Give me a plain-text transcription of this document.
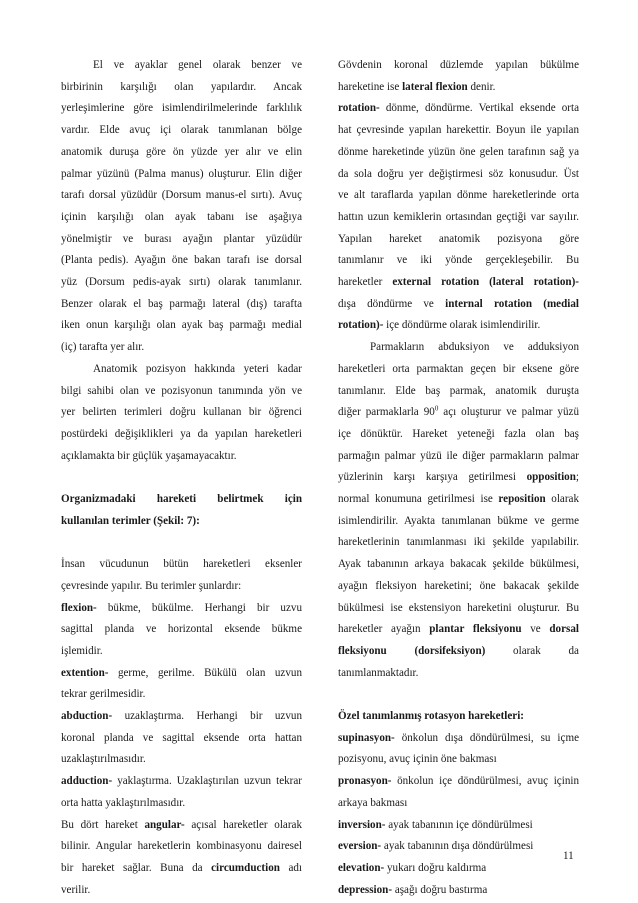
El ve ayaklar genel olarak benzer ve

birbirinin karşılığı olan yapılardır. Ancak

yerleşimlerine göre isimlendirilmelerinde farklılık

vardır. Elde avuç içi olarak tanımlanan bölge

anatomik duruşa göre ön yüzde yer alır ve elin

palmar yüzünü (Palma manus) oluşturur. Elin diğer

tarafı dorsal yüzüdür (Dorsum manus-el sırtı). Avuç

içinin karşılığı olan ayak tabanı ise aşağıya

yönelmiştir ve burası ayağın plantar yüzüdür

(Planta pedis). Ayağın öne bakan tarafı ise dorsal

yüz (Dorsum pedis-ayak sırtı) olarak tanımlanır.

Benzer olarak el baş parmağı lateral (dış) tarafta

iken onun karşılığı olan ayak baş parmağı medial

(iç) tarafta yer alır.

Anatomik pozisyon hakkında yeteri kadar

bilgi sahibi olan ve pozisyonun tanımında yön ve

yer belirten terimleri doğru kullanan bir öğrenci

postürdeki değişiklikleri ya da yapılan hareketleri

açıklamakta bir güçlük yaşamayacaktır.

Organizmadaki hareketi belirtmek için

kullanılan terimler (Şekil: 7):

İnsan vücudunun bütün hareketleri eksenler

çevresinde yapılır. Bu terimler şunlardır:

flexion- bükme, bükülme. Herhangi bir uzvu

sagittal planda ve horizontal eksende bükme

işlemidir.

extention- germe, gerilme. Bükülü olan uzvun

tekrar gerilmesidir.

abduction- uzaklaştırma. Herhangi bir uzvun

koronal planda ve sagittal eksende orta hattan

uzaklaştırılmasıdır.

adduction- yaklaştırma. Uzaklaştırılan uzvun tekrar

orta hatta yaklaştırılmasıdır.

Bu dört hareket angular- açısal hareketler olarak

bilinir. Angular hareketlerin kombinasyonu dairesel

bir hareket sağlar. Buna da circumduction adı

verilir.

Gövdenin koronal düzlemde yapılan bükülme

hareketine ise lateral flexion denir.

rotation- dönme, döndürme. Vertikal eksende orta

hat çevresinde yapılan harekettir. Boyun ile yapılan

dönme hareketinde yüzün öne gelen tarafının sağ ya

da sola doğru yer değiştirmesi söz konusudur. Üst

ve alt taraflarda yapılan dönme hareketlerinde orta

hattın uzun kemiklerin ortasından geçtiği var sayılır.

Yapılan hareket anatomik pozisyona göre

tanımlanır ve iki yönde gerçekleşebilir. Bu

hareketler external rotation (lateral rotation)-

dışa döndürme ve internal rotation (medial

rotation)- içe döndürme olarak isimlendirilir.

Parmakların abduksiyon ve adduksiyon

hareketleri orta parmaktan geçen bir eksene göre

tanımlanır. Elde baş parmak, anatomik duruşta

diğer parmaklarla $90^0$ açı oluşturur ve palmar yüzü

içe dönüktür. Hareket yeteneği fazla olan baş

parmağın palmar yüzü ile diğer parmakların palmar

yüzlerinin karşı karşıya getirilmesi opposition;

normal konumuna getirilmesi ise reposition olarak

isimlendirilir. Ayakta tanımlanan bükme ve germe

hareketlerinin tanımlanması iki şekilde yapılabilir.

Ayak tabanının arkaya bakacak şekilde bükülmesi,

ayağın fleksiyon hareketini; öne bakacak şekilde

bükülmesi ise ekstensiyon hareketini oluşturur. Bu

hareketler ayağın plantar fleksiyonu ve dorsal

fleksiyonu (dorsifeksiyon) olarak da

tanımlanmaktadır.

Özel tanımlanmış rotasyon hareketleri:

supinasyon- önkolun dışa döndürülmesi, su içme

pozisyonu, avuç içinin öne bakması

pronasyon- önkolun içe döndürülmesi, avuç içinin

arkaya bakması

inversion- ayak tabanının içe döndürülmesi

eversion- ayak tabanının dışa döndürülmesi

elevation- yukarı doğru kaldırma

depression- aşağı doğru bastırma

11
